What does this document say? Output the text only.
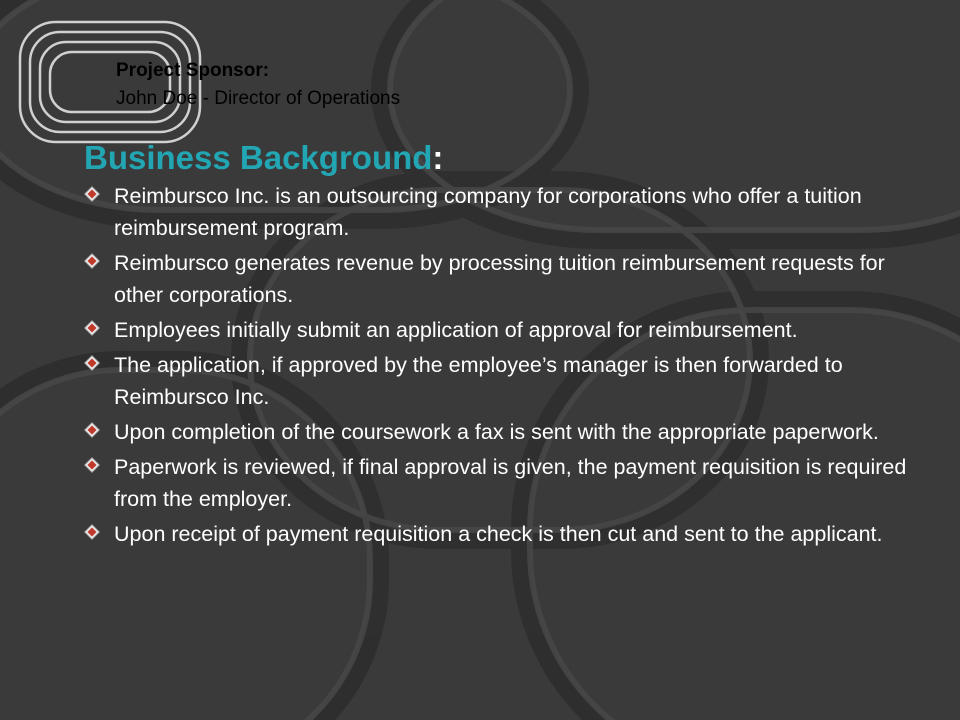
Project Sponsor:
John Doe - Director of Operations
Business Background:
Reimbursco Inc. is an outsourcing company for corporations who offer a tuition reimbursement program.
Reimbursco generates revenue by processing tuition reimbursement requests for other corporations.
Employees initially submit an application of approval for reimbursement.
The application, if approved by the employee’s manager is then forwarded to Reimbursco Inc.
Upon completion of the coursework a fax is sent with the appropriate paperwork.
Paperwork is reviewed, if final approval is given, the payment requisition is required from the employer.
Upon receipt of payment requisition a check is then cut and sent to the applicant.
